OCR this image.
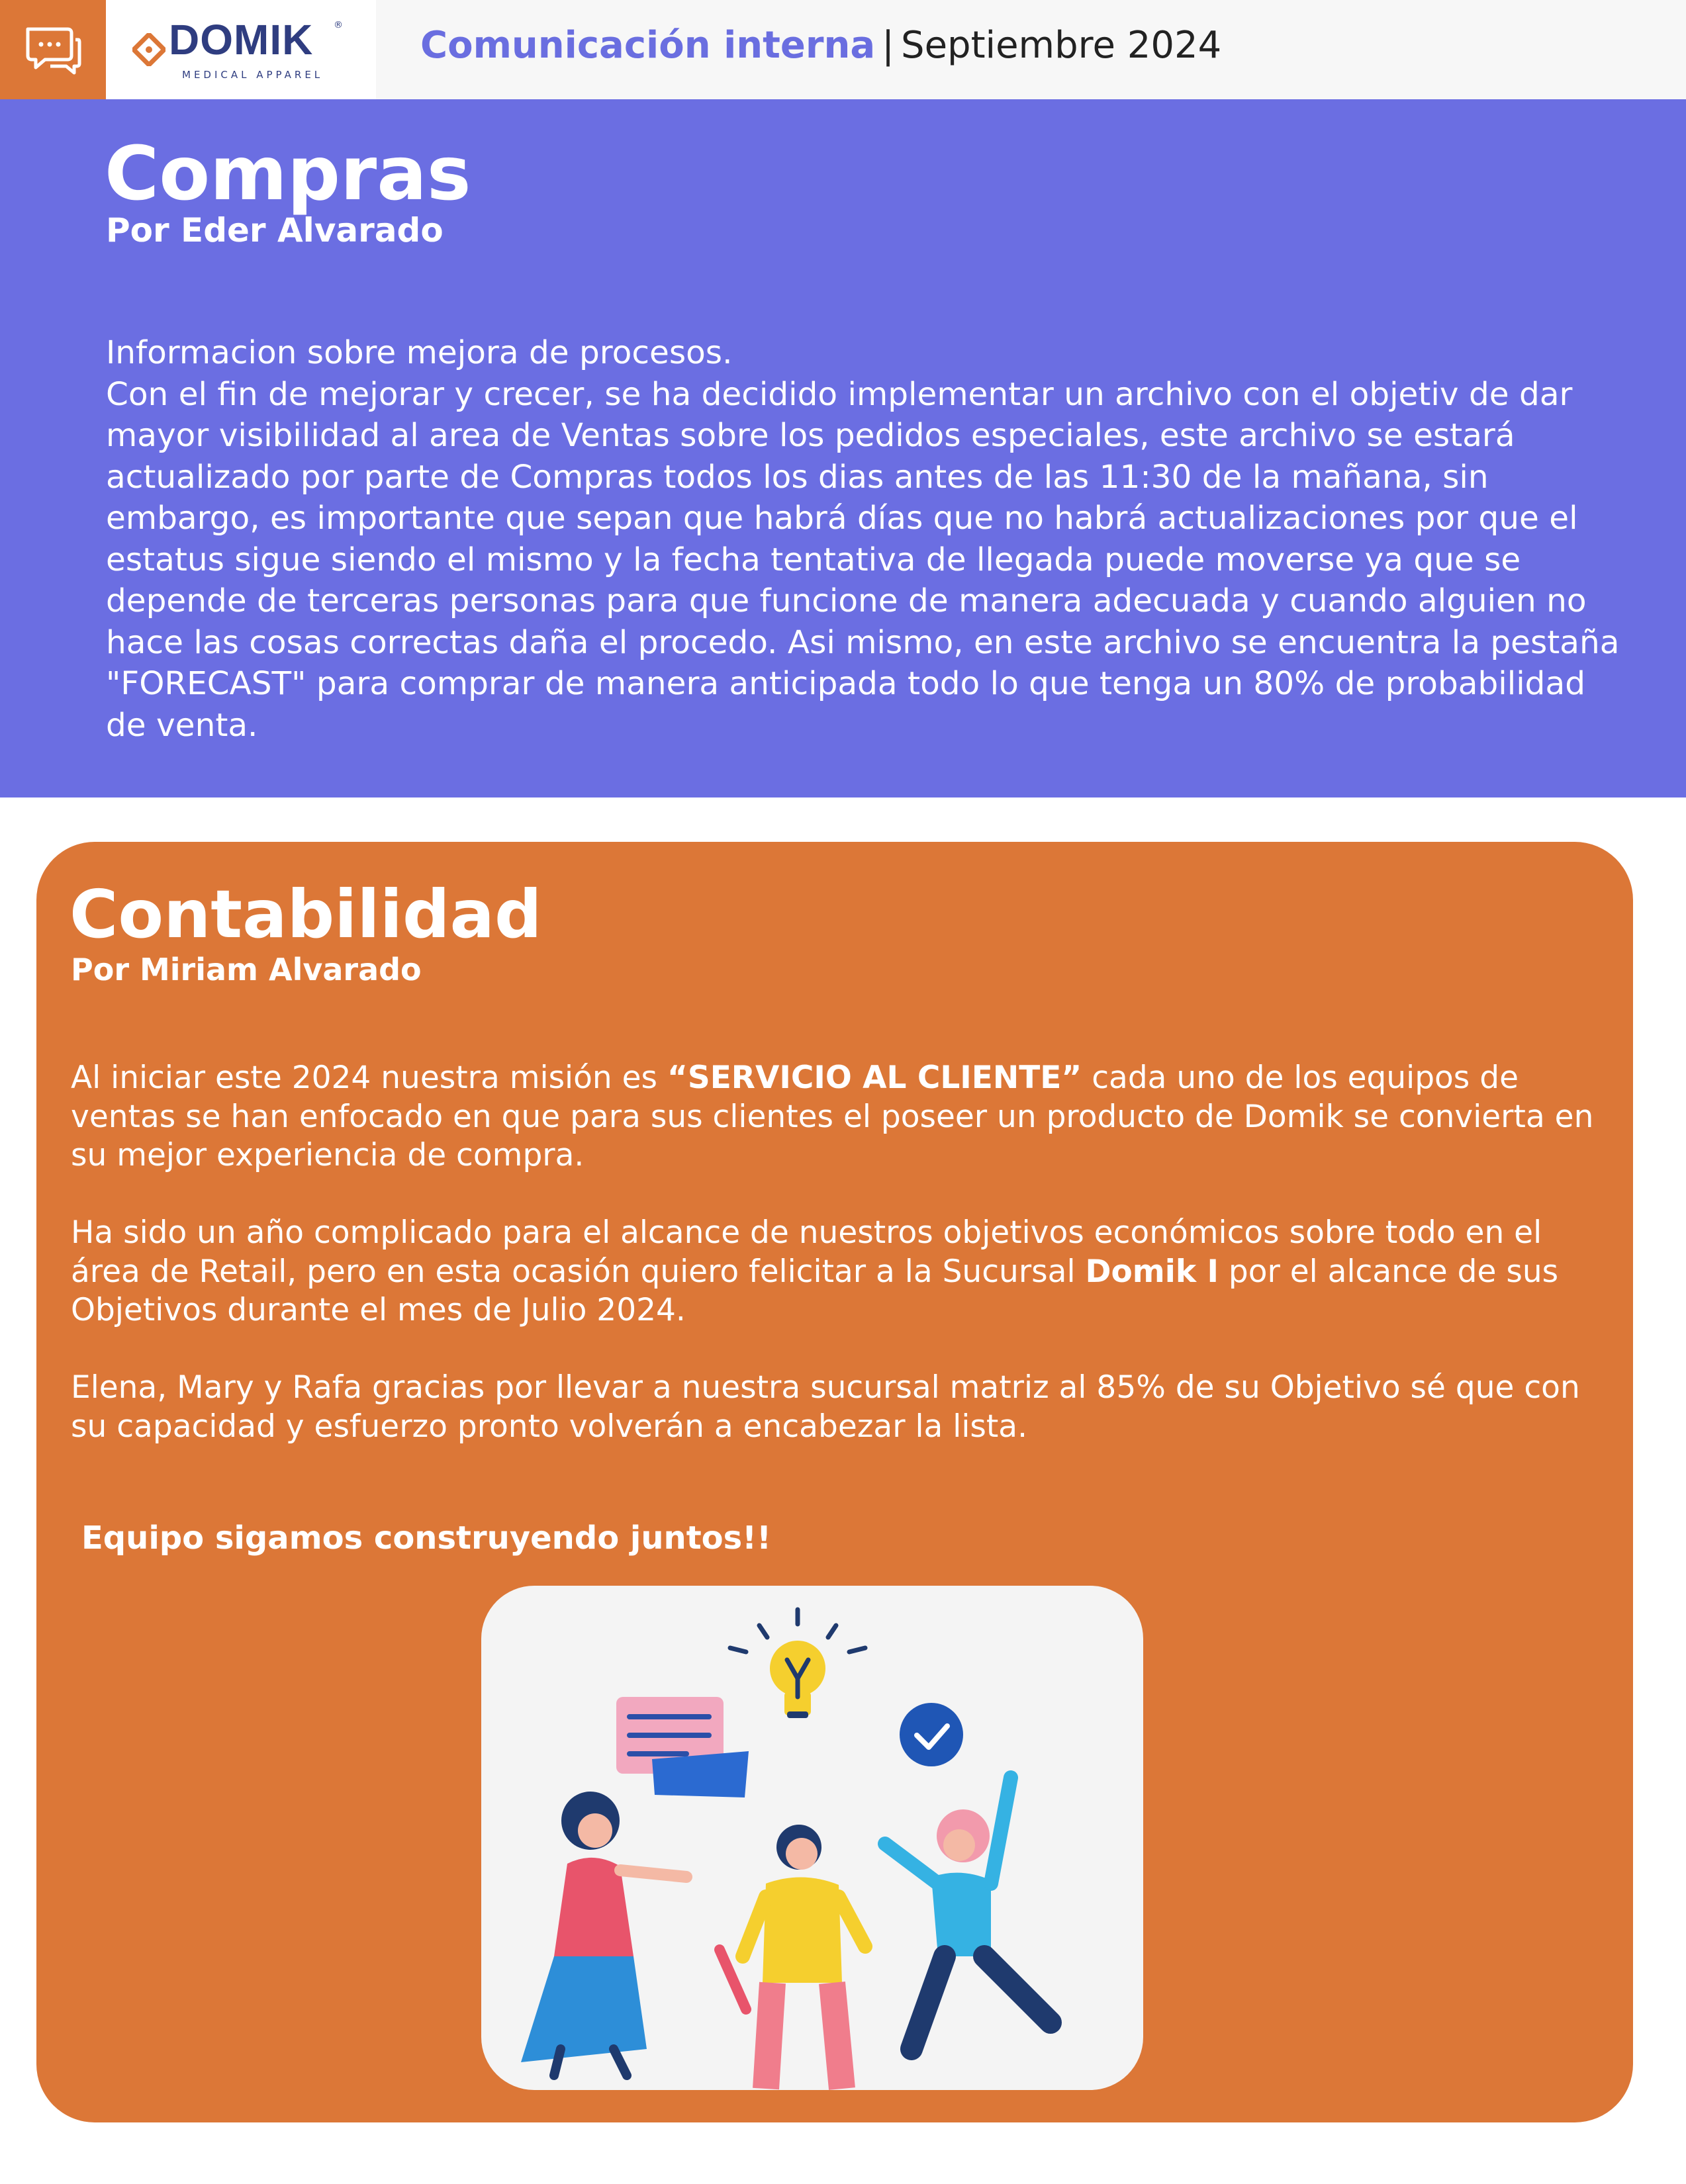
DOMIK ®
MEDICAL APPAREL
Comunicación interna | Septiembre 2024
Compras
Por Eder Alvarado

Informacion sobre mejora de procesos.

Con el fin de mejorar y crecer, se ha decidido implementar un archivo con el objetiv de dar mayor visibilidad al area de Ventas sobre los pedidos especiales, este archivo se estará actualizado por parte de Compras todos los dias antes de las 11:30 de la mañana, sin embargo, es importante que sepan que habrá días que no habrá actualizaciones por que el estatus sigue siendo el mismo y la fecha tentativa de llegada puede moverse ya que se depende de terceras personas para que funcione de manera adecuada y cuando alguien no hace las cosas correctas daña el procedo. Asi mismo, en este archivo se encuentra la pestaña "FORECAST" para comprar de manera anticipada todo lo que tenga un 80% de probabilidad de venta.

Contabilidad
Por Miriam Alvarado

Al iniciar este 2024 nuestra misión es “SERVICIO AL CLIENTE” cada uno de los equipos de ventas se han enfocado en que para sus clientes el poseer un producto de Domik se convierta en su mejor experiencia de compra.

Ha sido un año complicado para el alcance de nuestros objetivos económicos sobre todo en el área de Retail, pero en esta ocasión quiero felicitar a la Sucursal Domik I por el alcance de sus Objetivos durante el mes de Julio 2024.

Elena, Mary y Rafa gracias por llevar a nuestra sucursal matriz al 85% de su Objetivo sé que con su capacidad y esfuerzo pronto volverán a encabezar la lista.

Equipo sigamos construyendo juntos!!
